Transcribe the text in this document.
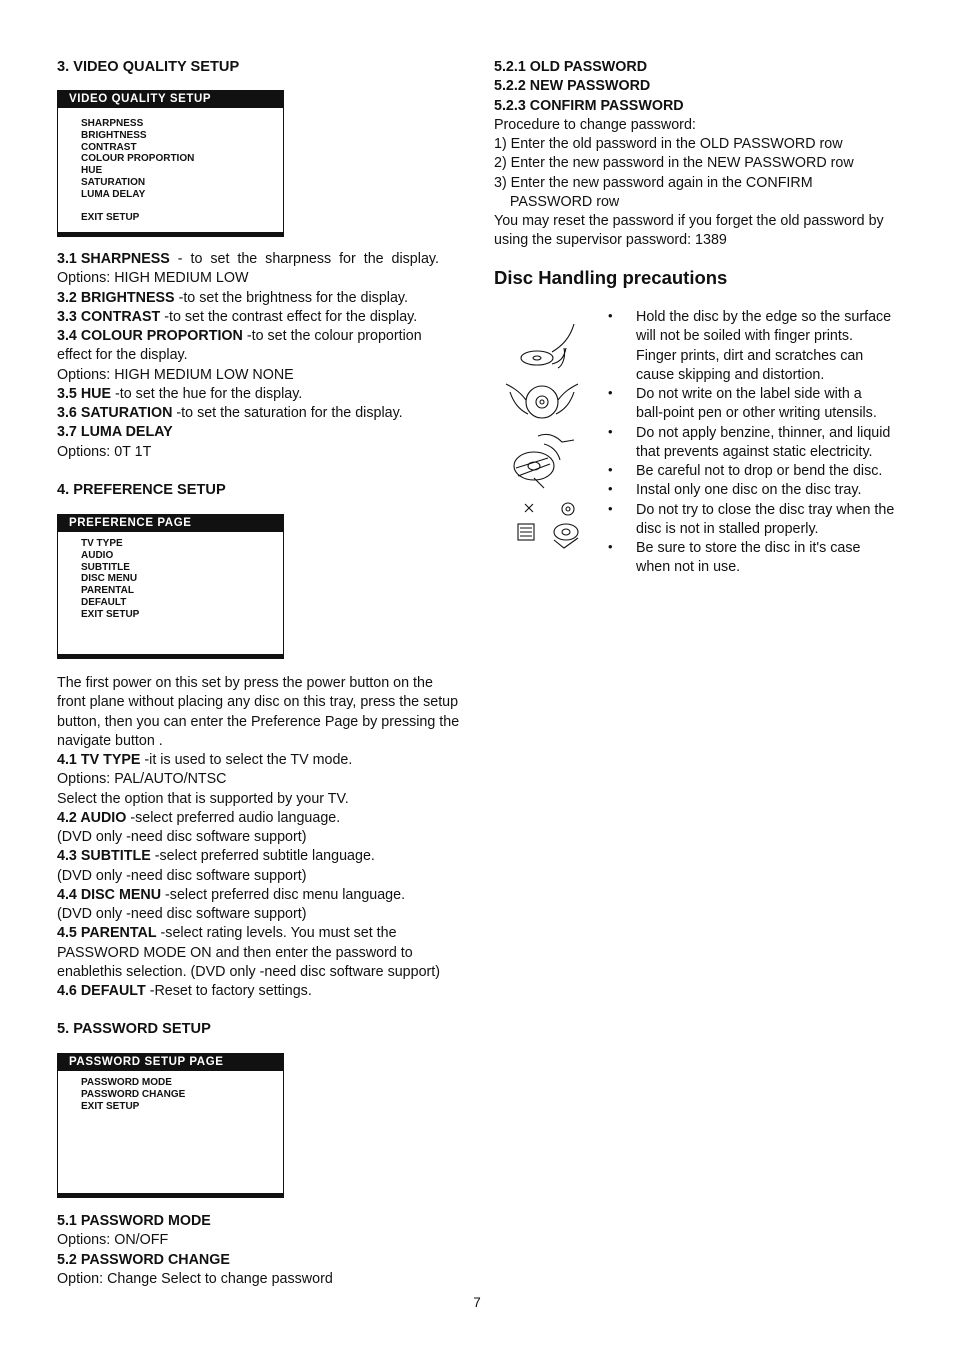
3. VIDEO QUALITY SETUP
VIDEO QUALITY SETUP
SHARPNESS
BRIGHTNESS
CONTRAST
COLOUR PROPORTION
HUE
SATURATION
LUMA DELAY

EXIT SETUP
3.1 SHARPNESS  -  to  set  the  sharpness  for  the  display.
Options: HIGH MEDIUM LOW
3.2 BRIGHTNESS -to set the brightness for the display.
3.3 CONTRAST -to set the contrast effect for the display.
3.4 COLOUR PROPORTION -to set the colour proportion
effect for the display.
Options: HIGH MEDIUM LOW NONE
3.5 HUE -to set the hue for the display.
3.6 SATURATION -to set the saturation for the display.
3.7 LUMA DELAY
Options: 0T 1T
4. PREFERENCE SETUP
PREFERENCE PAGE
TV TYPE
AUDIO
SUBTITLE
DISC MENU
PARENTAL
DEFAULT
EXIT SETUP
The first power on this set by press the power button on the
front plane without placing any disc on this tray, press the setup
button, then you can enter the Preference Page by pressing the
navigate button .
4.1 TV TYPE -it is used to select the TV mode.
Options: PAL/AUTO/NTSC
Select the option that is supported by your TV.
4.2 AUDIO -select preferred audio language.
(DVD only -need disc software support)
4.3 SUBTITLE -select preferred subtitle language.
(DVD only -need disc software support)
4.4 DISC MENU -select preferred disc menu language.
(DVD only -need disc software support)
4.5 PARENTAL -select rating levels. You must set the
PASSWORD MODE ON and then enter the password to
enablethis selection. (DVD only -need disc software support)
4.6 DEFAULT -Reset to factory settings.
5. PASSWORD SETUP
PASSWORD SETUP PAGE
PASSWORD MODE
PASSWORD CHANGE
EXIT SETUP
5.1 PASSWORD MODE
Options: ON/OFF
5.2 PASSWORD CHANGE
Option: Change Select to change password
5.2.1 OLD PASSWORD
5.2.2 NEW PASSWORD
5.2.3 CONFIRM PASSWORD
Procedure to change password:
1) Enter the old password in the OLD PASSWORD row
2) Enter the new password in the NEW PASSWORD row
3) Enter the new password again in the CONFIRM
PASSWORD row
You may reset the password if you forget the old password by
using the supervisor password: 1389
Disc Handling precautions
• Hold the disc by the edge so the surface
will not be soiled with finger prints.
Finger prints, dirt and scratches can
cause skipping and distortion.
• Do not write on the label side with a
ball-point pen or other writing utensils.
• Do not apply benzine, thinner, and liquid
that prevents against static electricity.
• Be careful not to drop or bend the disc.
• Instal only one disc on the disc tray.
• Do not try to close the disc tray when the
disc is not in stalled properly.
• Be sure to store the disc in it's case
when not in use.
7
